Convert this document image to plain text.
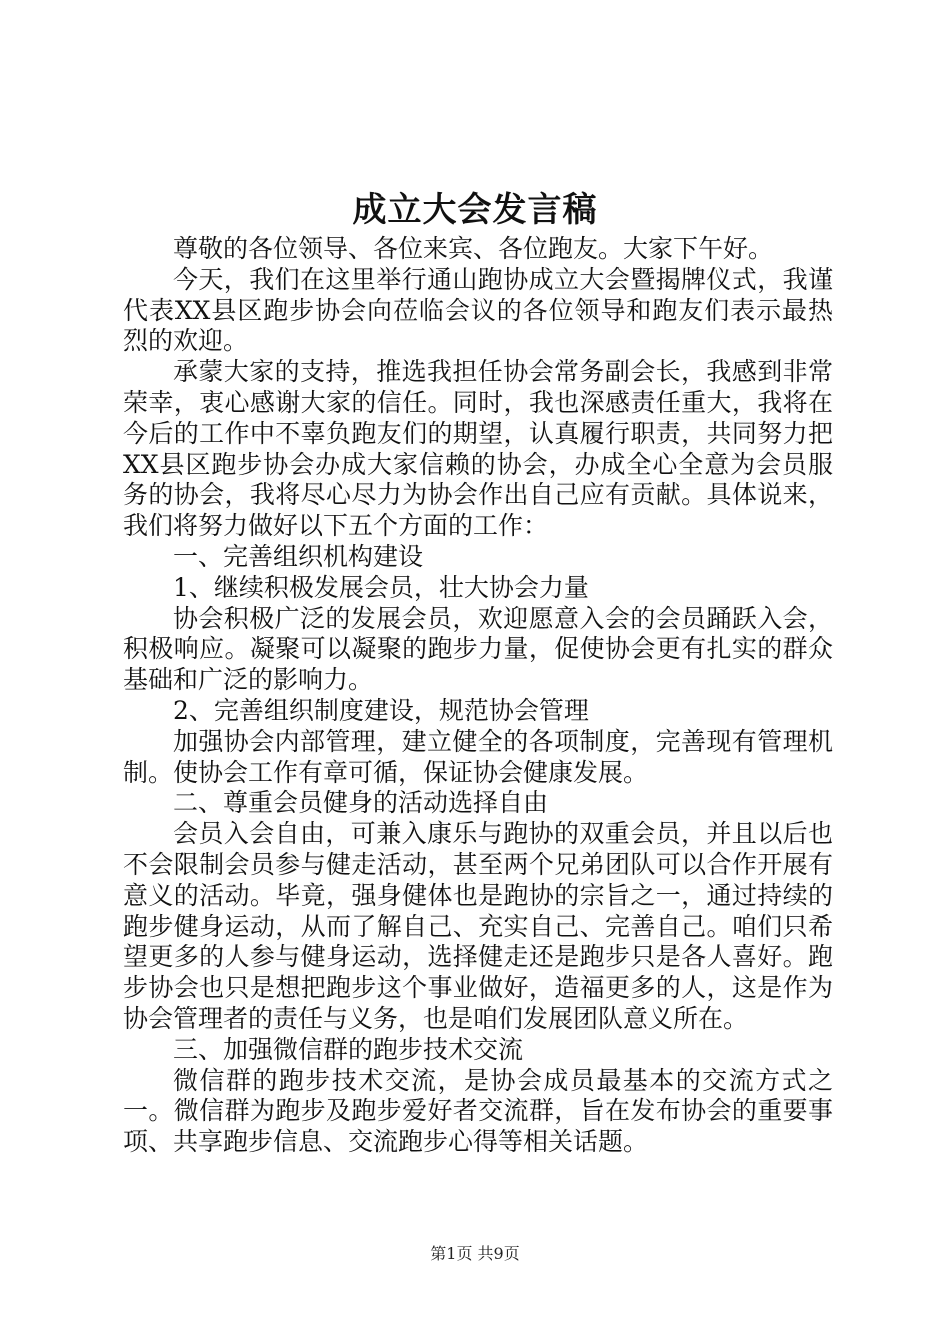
成立大会发言稿

尊敬的各位领导、各位来宾、各位跑友。大家下午好。

今天，我们在这里举行通山跑协成立大会暨揭牌仪式，我谨代表XX县区跑步协会向莅临会议的各位领导和跑友们表示最热烈的欢迎。

承蒙大家的支持，推选我担任协会常务副会长，我感到非常荣幸，衷心感谢大家的信任。同时，我也深感责任重大，我将在今后的工作中不辜负跑友们的期望，认真履行职责，共同努力把XX县区跑步协会办成大家信赖的协会，办成全心全意为会员服务的协会，我将尽心尽力为协会作出自己应有贡献。具体说来，我们将努力做好以下五个方面的工作：

一、完善组织机构建设

1、继续积极发展会员，壮大协会力量

协会积极广泛的发展会员，欢迎愿意入会的会员踊跃入会，积极响应。凝聚可以凝聚的跑步力量，促使协会更有扎实的群众基础和广泛的影响力。

2、完善组织制度建设，规范协会管理

加强协会内部管理，建立健全的各项制度，完善现有管理机制。使协会工作有章可循，保证协会健康发展。

二、尊重会员健身的活动选择自由

会员入会自由，可兼入康乐与跑协的双重会员，并且以后也不会限制会员参与健走活动，甚至两个兄弟团队可以合作开展有意义的活动。毕竟，强身健体也是跑协的宗旨之一，通过持续的跑步健身运动，从而了解自己、充实自己、完善自己。咱们只希望更多的人参与健身运动，选择健走还是跑步只是各人喜好。跑步协会也只是想把跑步这个事业做好，造福更多的人，这是作为协会管理者的责任与义务，也是咱们发展团队意义所在。

三、加强微信群的跑步技术交流

微信群的跑步技术交流，是协会成员最基本的交流方式之一。微信群为跑步及跑步爱好者交流群，旨在发布协会的重要事项、共享跑步信息、交流跑步心得等相关话题。

第1页 共9页
